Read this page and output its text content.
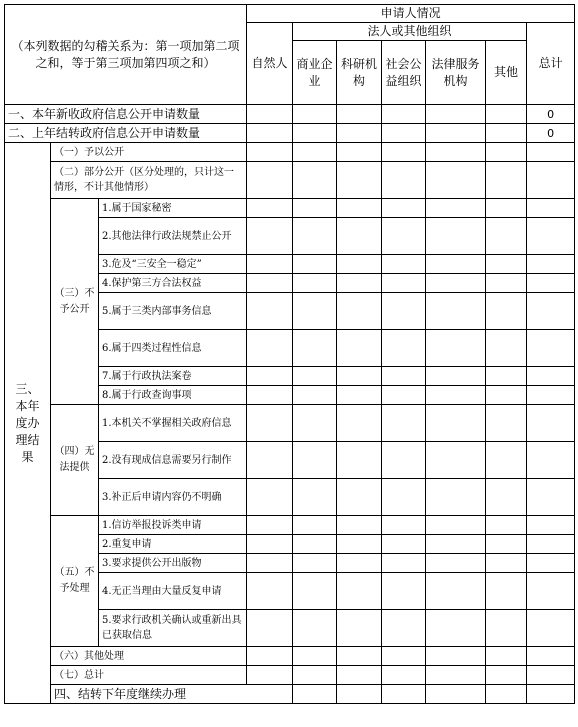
（本列数据的勾稽关系为：第一项加第二项之和，等于第三项加第四项之和）			申请人情况							
			自然人	法人或其他组织					总计	
				商业企业	科研机构	社会公益组织	法律服务机构	其他		
一、本年新收政府信息公开申请数量									0	
二、上年结转政府信息公开申请数量									0	
三、本年度办理结果	（一）予以公开									
	（二）部分公开（区分处理的，只计这一情形，不计其他情形）									
	（三）不予公开	1.属于国家秘密								
		2.其他法律行政法规禁止公开								
		3.危及“三安全一稳定”								
		4.保护第三方合法权益								
		5.属于三类内部事务信息								
		6.属于四类过程性信息								
		7.属于行政执法案卷								
		8.属于行政查询事项								
	（四）无法提供	1.本机关不掌握相关政府信息								
		2.没有现成信息需要另行制作								
		3.补正后申请内容仍不明确								
	（五）不予处理	1.信访举报投诉类申请								
		2.重复申请								
		3.要求提供公开出版物								
		4.无正当理由大量反复申请								
		5.要求行政机关确认或重新出具已获取信息								
	（六）其他处理									
	（七）总计									
	四、结转下年度继续办理							
